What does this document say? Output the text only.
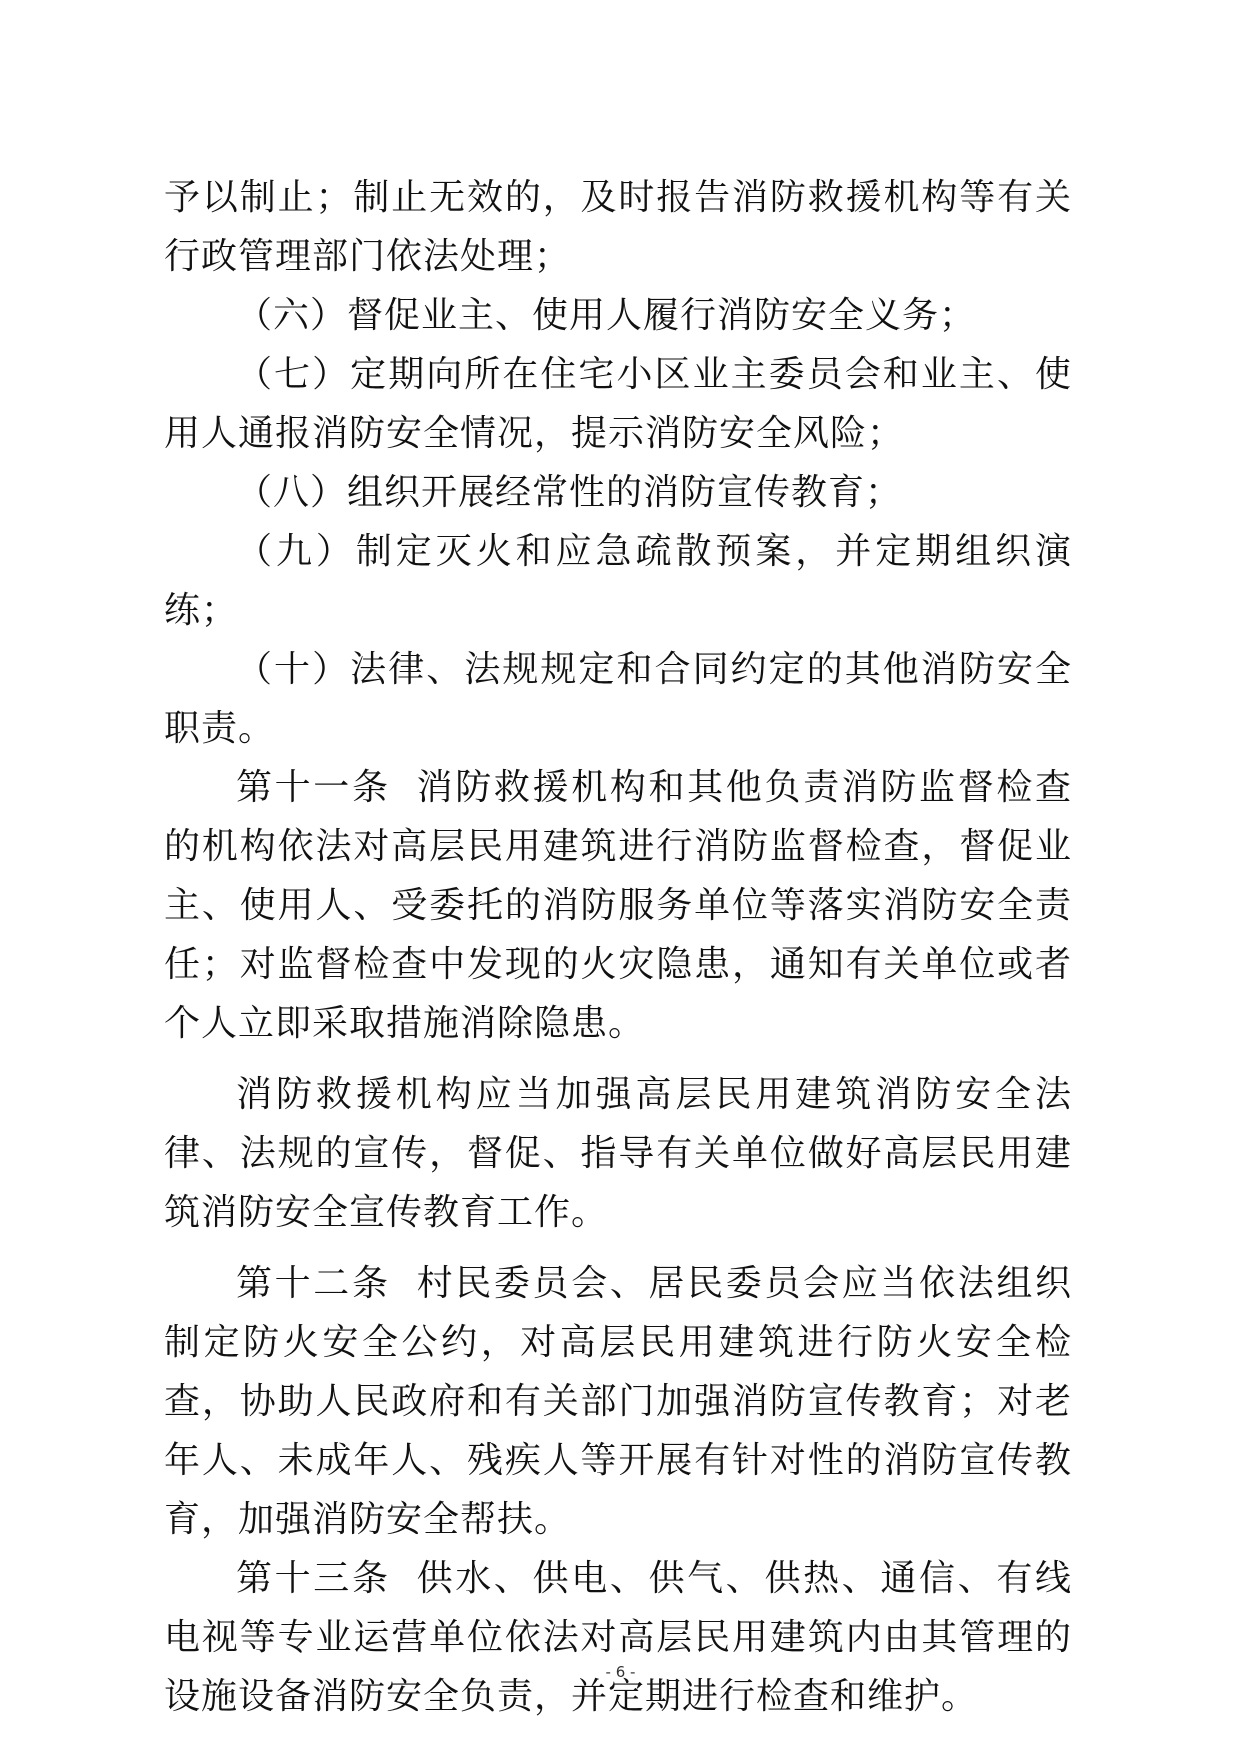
予以制止；制止无效的，及时报告消防救援机构等有关行政管理部门依法处理；

（六）督促业主、使用人履行消防安全义务；

（七）定期向所在住宅小区业主委员会和业主、使用人通报消防安全情况，提示消防安全风险；

（八）组织开展经常性的消防宣传教育；

（九）制定灭火和应急疏散预案，并定期组织演练；

（十）法律、法规规定和合同约定的其他消防安全职责。

第十一条 消防救援机构和其他负责消防监督检查的机构依法对高层民用建筑进行消防监督检查，督促业主、使用人、受委托的消防服务单位等落实消防安全责任；对监督检查中发现的火灾隐患，通知有关单位或者个人立即采取措施消除隐患。

消防救援机构应当加强高层民用建筑消防安全法律、法规的宣传，督促、指导有关单位做好高层民用建筑消防安全宣传教育工作。

第十二条 村民委员会、居民委员会应当依法组织制定防火安全公约，对高层民用建筑进行防火安全检查，协助人民政府和有关部门加强消防宣传教育；对老年人、未成年人、残疾人等开展有针对性的消防宣传教育，加强消防安全帮扶。

第十三条 供水、供电、供气、供热、通信、有线电视等专业运营单位依法对高层民用建筑内由其管理的设施设备消防安全负责，并定期进行检查和维护。

- 6 -
